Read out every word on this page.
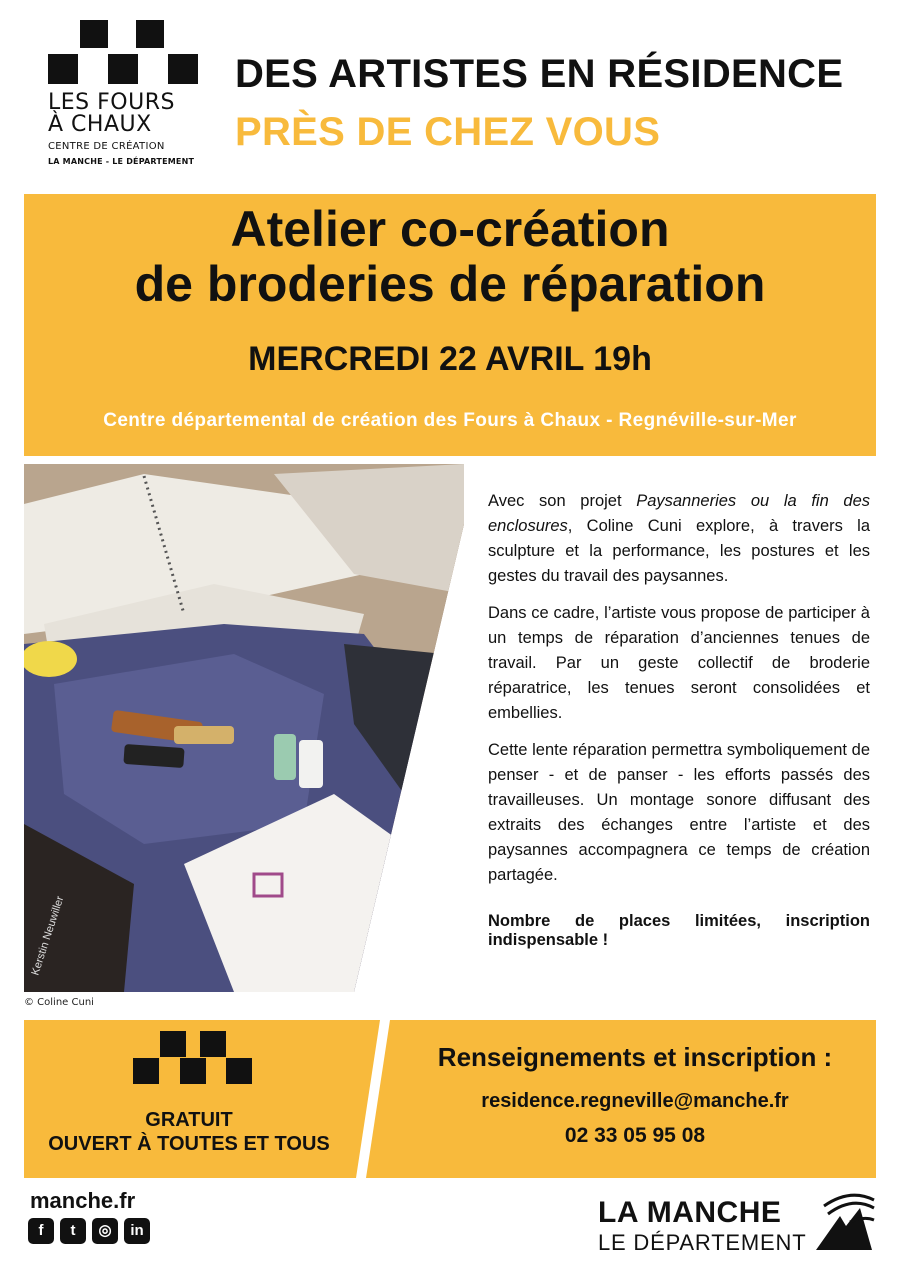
LES FOURS
À CHAUX
CENTRE DE CRÉATION
LA MANCHE - LE DÉPARTEMENT
DES ARTISTES EN RÉSIDENCE
PRÈS DE CHEZ VOUS
Atelier co-création
de broderies de réparation
MERCREDI 22 AVRIL 19h
Centre départemental de création des Fours à Chaux - Regnéville-sur-Mer
Kerstin Neuwiller
© Coline Cuni

Avec son projet Paysanneries ou la fin des enclosures, Coline Cuni explore, à travers la sculpture et la performance, les postures et les gestes du travail des paysannes.

Dans ce cadre, l’artiste vous propose de participer à un temps de réparation d’anciennes tenues de travail. Par un geste collectif de broderie réparatrice, les tenues seront consolidées et embellies.

Cette lente réparation permettra symboliquement de penser - et de panser - les efforts passés des travailleuses. Un montage sonore diffusant des extraits des échanges entre l’artiste et des paysannes accompagnera ce temps de création partagée.

Nombre de places limitées, inscription indispensable !

GRATUIT
OUVERT À TOUTES ET TOUS
Renseignements et inscription :
residence.regneville@manche.fr
02 33 05 95 08
manche.fr
f	t	◎	in
LA MANCHE
LE DÉPARTEMENT
